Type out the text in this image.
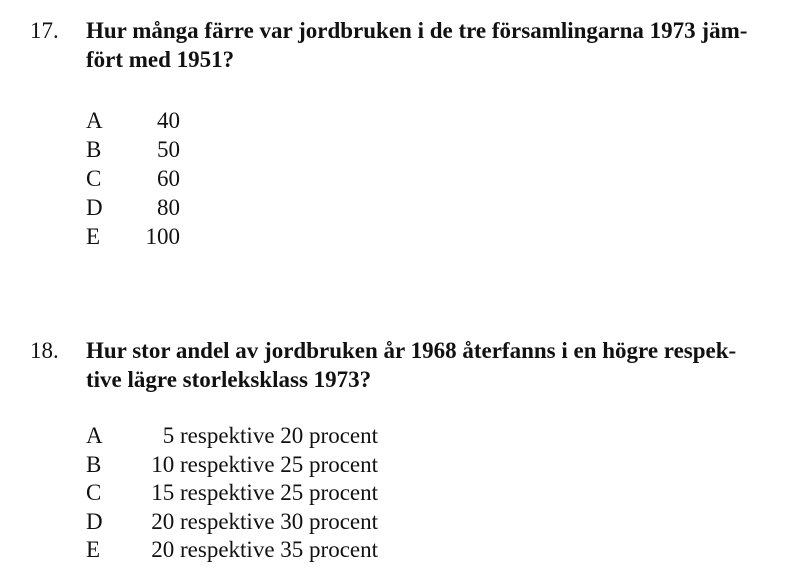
17. Hur många färre var jordbruken i de tre församlingarna 1973 jäm-
fört med 1951?
A	40
B	50
C	60
D	80
E	100
18. Hur stor andel av jordbruken år 1968 återfanns i en högre respek-
tive lägre storleksklass 1973?
A	5 respektive 20 procent
B	10 respektive 25 procent
C	15 respektive 25 procent
D	20 respektive 30 procent
E	20 respektive 35 procent
